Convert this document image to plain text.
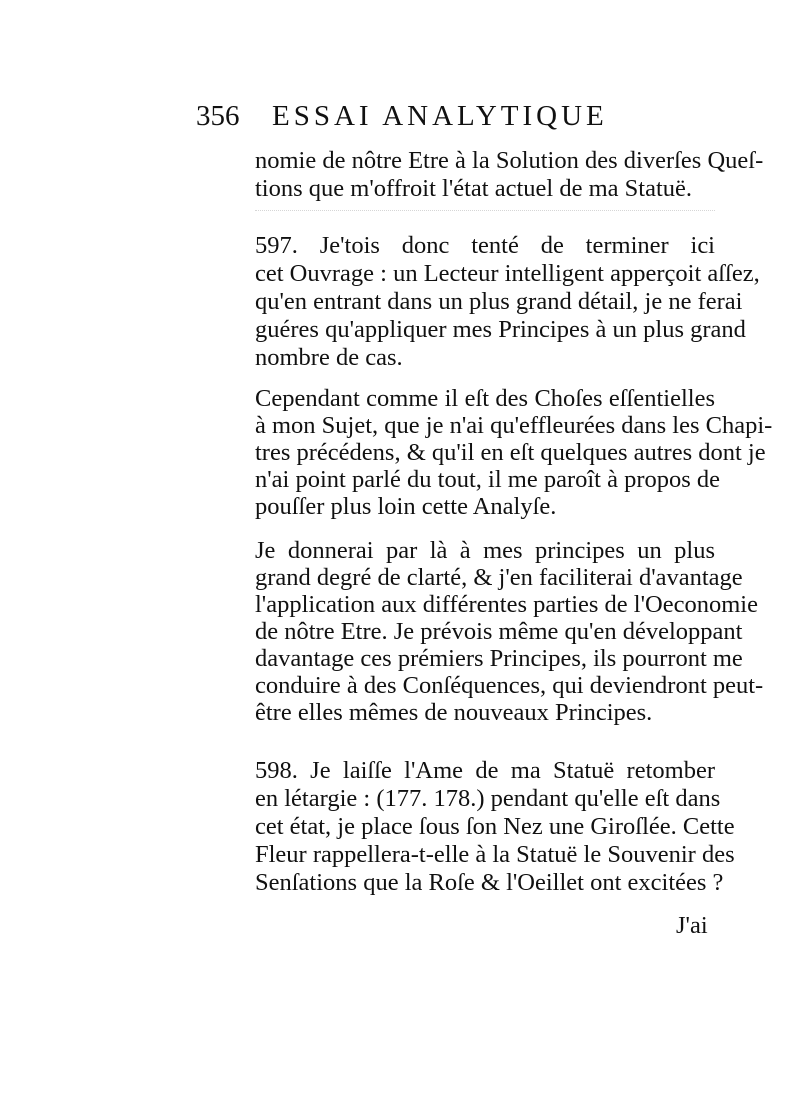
356 ESSAI ANALYTIQUE
nomie de nôtre Etre à la Solution des diverſes Queſ-
tions que m'offroit l'état actuel de ma Statuë.
597. Je'tois donc tenté de terminer ici
cet Ouvrage : un Lecteur intelligent apperçoit aſſez,
qu'en entrant dans un plus grand détail, je ne ferai
guéres qu'appliquer mes Principes à un plus grand
nombre de cas.
Cependant comme il eſt des Choſes eſſentielles
à mon Sujet, que je n'ai qu'effleurées dans les Chapi-
tres précédens, & qu'il en eſt quelques autres dont je
n'ai point parlé du tout, il me paroît à propos de
pouſſer plus loin cette Analyſe.
Je donnerai par là à mes principes un plus
grand degré de clarté, & j'en faciliterai d'avantage
l'application aux différentes parties de l'Oeconomie
de nôtre Etre. Je prévois même qu'en développant
davantage ces prémiers Principes, ils pourront me
conduire à des Conſéquences, qui deviendront peut-
être elles mêmes de nouveaux Principes.
598. Je laiſſe l'Ame de ma Statuë retomber
en létargie : (177. 178.) pendant qu'elle eſt dans
cet état, je place ſous ſon Nez une Giroſlée. Cette
Fleur rappellera-t-elle à la Statuë le Souvenir des
Senſations que la Roſe & l'Oeillet ont excitées ?
J'ai
